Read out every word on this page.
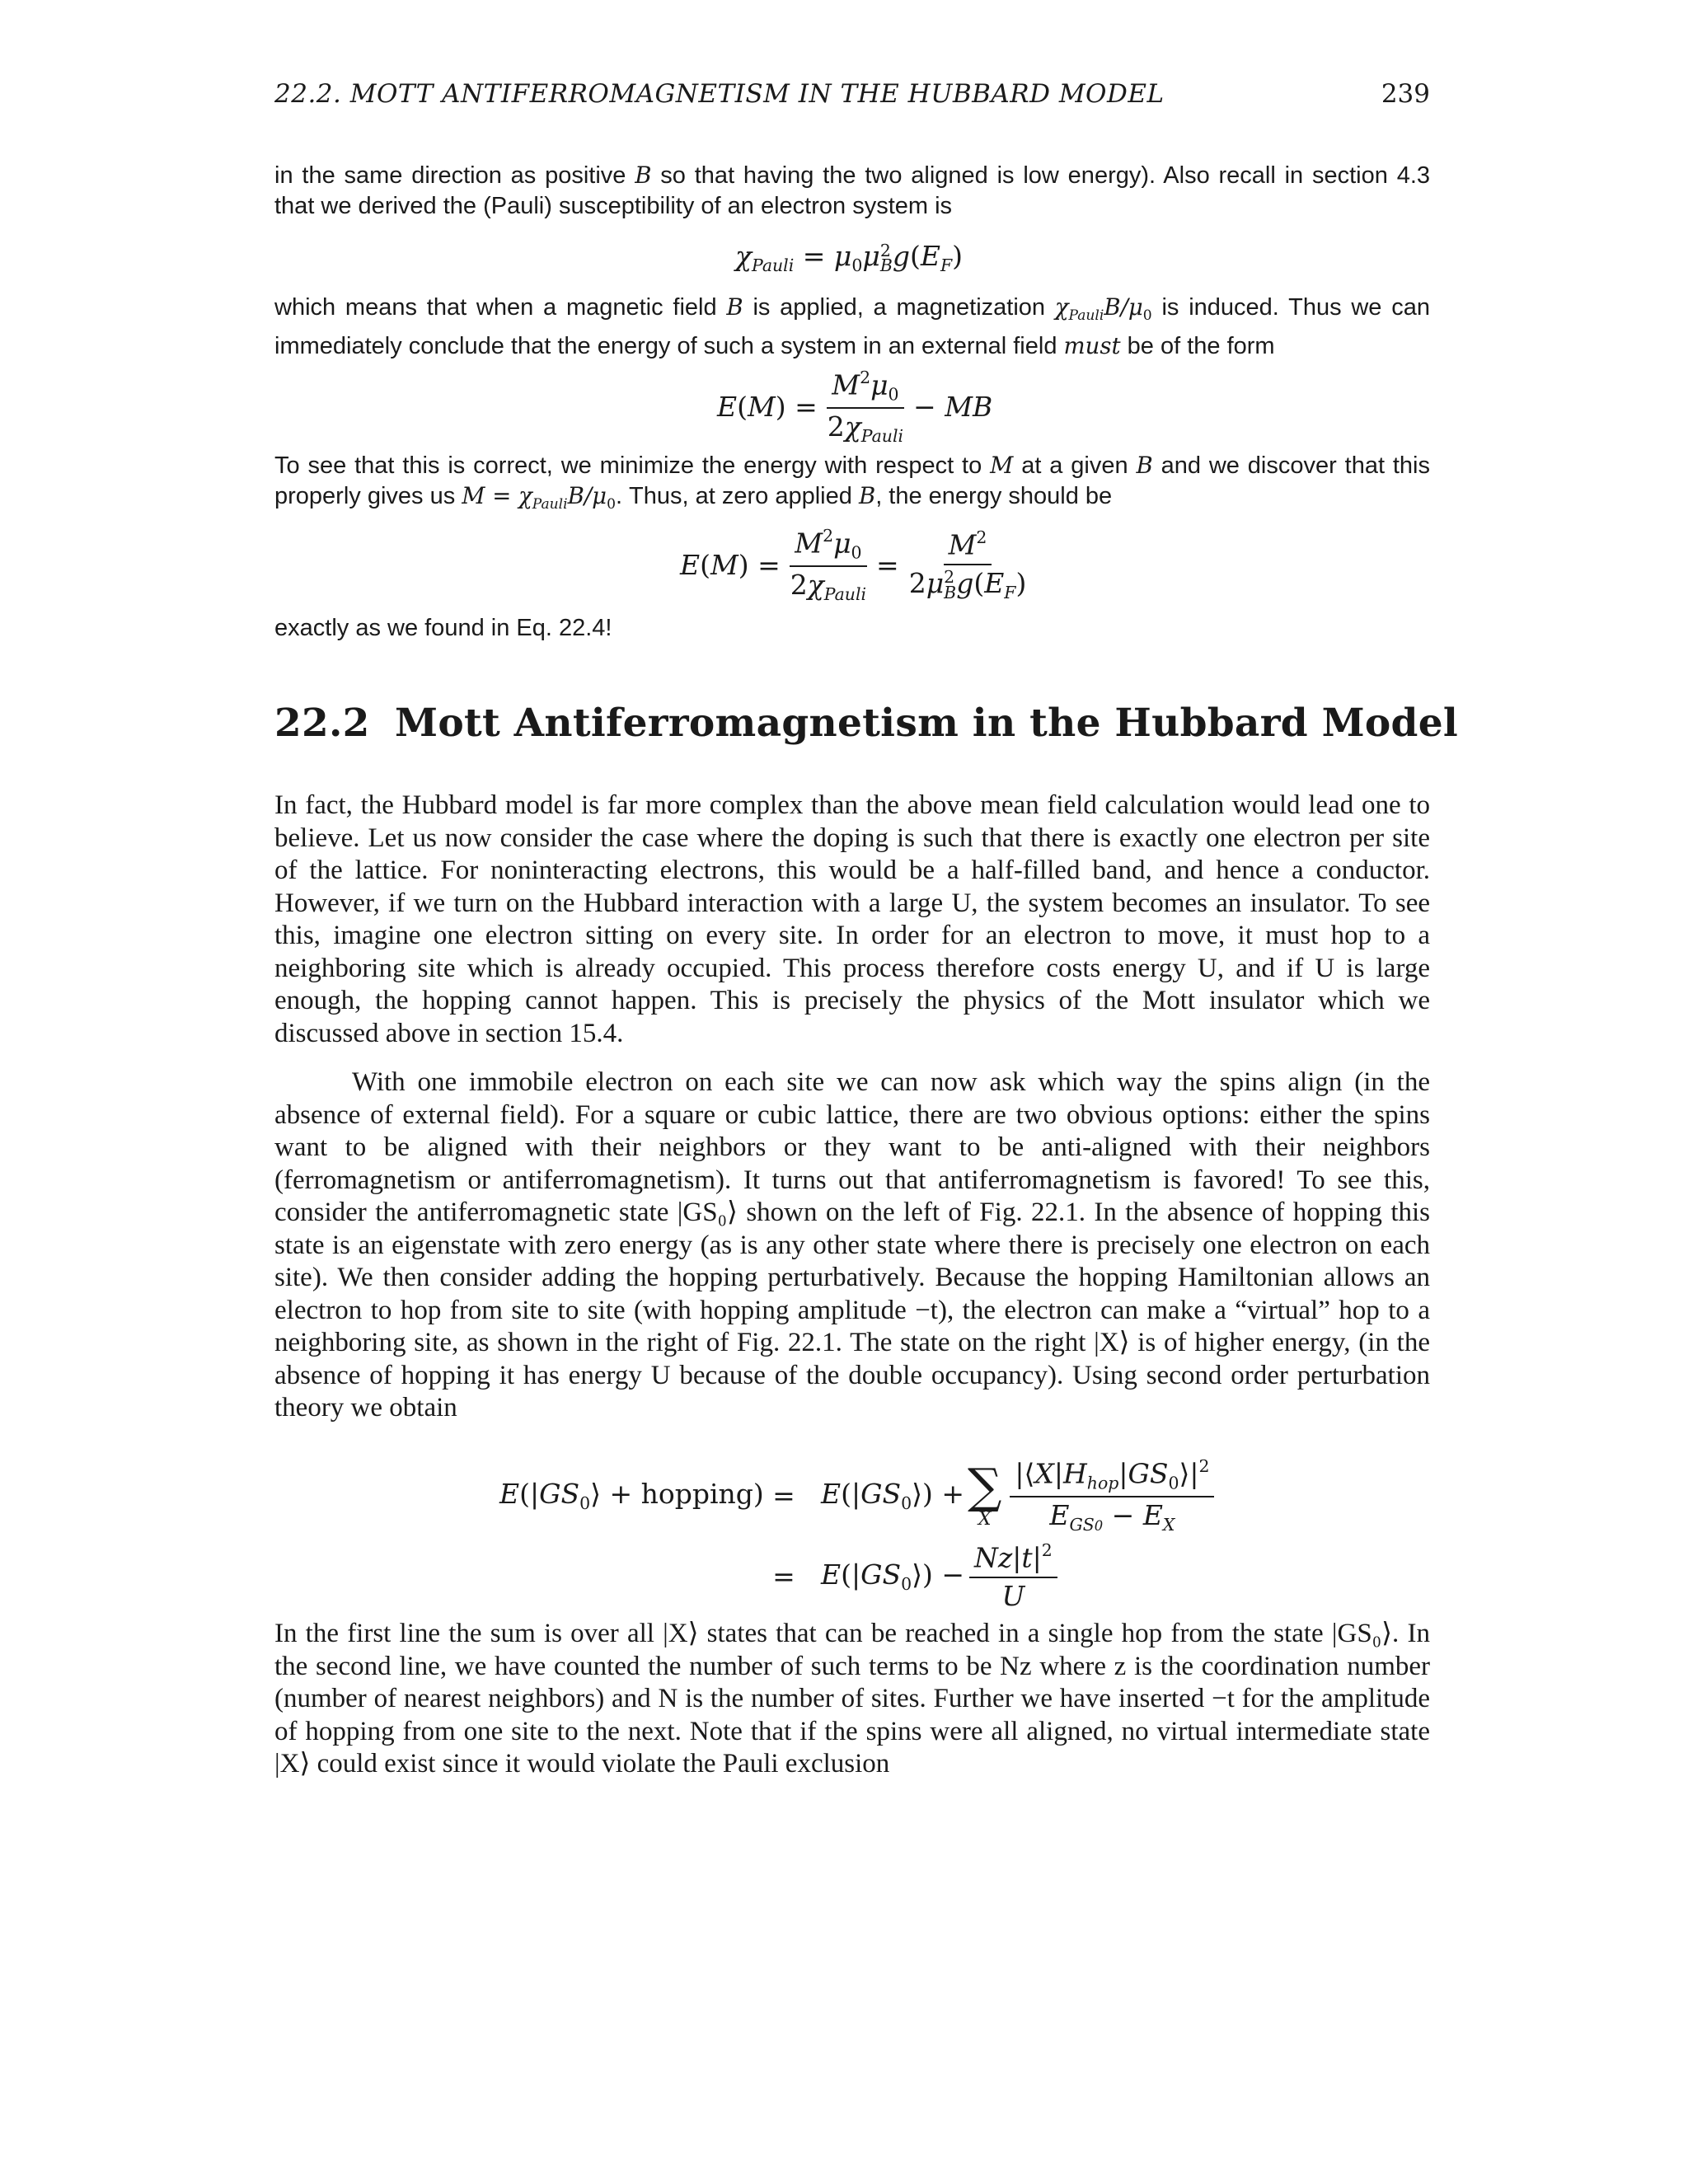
22.2. MOTT ANTIFERROMAGNETISM IN THE HUBBARD MODEL	239

in the same direction as positive B so that having the two aligned is low energy). Also recall in section 4.3 that we derived the (Pauli) susceptibility of an electron system is

$\chi_{Pauli} = \mu_0\mu$ 2
B $g(E_F)$

which means that when a magnetic field B is applied, a magnetization $\chi_{Pauli}B/\mu_0$ is induced. Thus we can immediately conclude that the energy of such a system in an external field must be of the form

E ( M ) = $\frac{M^2\mu_0}{2\chi_{Pauli}}$ − MB

To see that this is correct, we minimize the energy with respect to M at a given B and we discover that this properly gives us $M = \chi_{Pauli}B/\mu_0$. Thus, at zero applied B, the energy should be

E ( M ) = $\frac{M^2\mu_0}{2\chi_{Pauli}} = M^2$
2μ 2
B $g(E_F)$

exactly as we found in Eq. 22.4!

22.2 Mott Antiferromagnetism in the Hubbard Model

In fact, the Hubbard model is far more complex than the above mean field calculation would lead one to believe. Let us now consider the case where the doping is such that there is exactly one electron per site of the lattice. For noninteracting electrons, this would be a half-filled band, and hence a conductor. However, if we turn on the Hubbard interaction with a large U, the system becomes an insulator. To see this, imagine one electron sitting on every site. In order for an electron to move, it must hop to a neighboring site which is already occupied. This process therefore costs energy U, and if U is large enough, the hopping cannot happen. This is precisely the physics of the Mott insulator which we discussed above in section 15.4.

With one immobile electron on each site we can now ask which way the spins align (in the absence of external field). For a square or cubic lattice, there are two obvious options: either the spins want to be aligned with their neighbors or they want to be anti-aligned with their neighbors (ferromagnetism or antiferromagnetism). It turns out that antiferromagnetism is favored! To see this, consider the antiferromagnetic state |GS₀⟩ shown on the left of Fig. 22.1. In the absence of hopping this state is an eigenstate with zero energy (as is any other state where there is precisely one electron on each site). We then consider adding the hopping perturbatively. Because the hopping Hamiltonian allows an electron to hop from site to site (with hopping amplitude −t), the electron can make a “virtual” hop to a neighboring site, as shown in the right of Fig. 22.1. The state on the right |X⟩ is of higher energy, (in the absence of hopping it has energy U because of the double occupancy). Using second order perturbation theory we obtain

$E(|GS_0⟩$ + hopping) = $E(|GS_0⟩)$ + ∑
X $\frac{|⟨X|H_{hop}|GS_0⟩|^2}{E_{GS0} - E_X}$
= $E(|GS_0⟩) - \frac{Nz|t|^2}{U}$

In the first line the sum is over all |X⟩ states that can be reached in a single hop from the state |GS₀⟩. In the second line, we have counted the number of such terms to be Nz where z is the coordination number (number of nearest neighbors) and N is the number of sites. Further we have inserted −t for the amplitude of hopping from one site to the next. Note that if the spins were all aligned, no virtual intermediate state |X⟩ could exist since it would violate the Pauli exclusion
